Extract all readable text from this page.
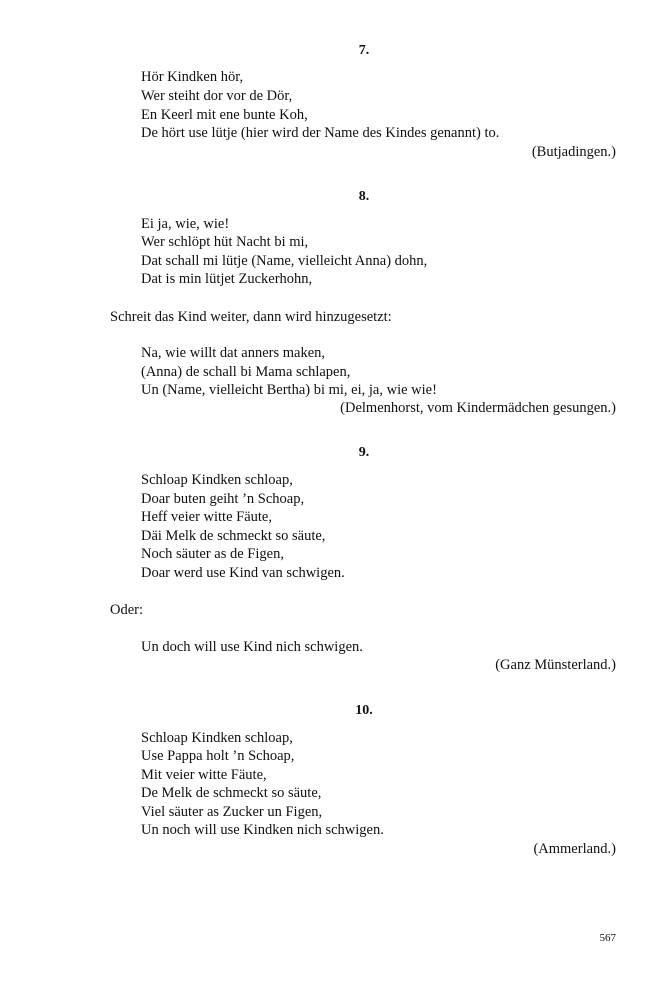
7.
Hör Kindken hör,
Wer steiht dor vor de Dör,
En Keerl mit ene bunte Koh,
De hört use lütje (hier wird der Name des Kindes genannt) to.
(Butjadingen.)
8.
Ei ja, wie, wie!
Wer schlöpt hüt Nacht bi mi,
Dat schall mi lütje (Name, vielleicht Anna) dohn,
Dat is min lütjet Zuckerhohn,
Schreit das Kind weiter, dann wird hinzugesetzt:
Na, wie willt dat anners maken,
(Anna) de schall bi Mama schlapen,
Un (Name, vielleicht Bertha) bi mi, ei, ja, wie wie!
(Delmenhorst, vom Kindermädchen gesungen.)
9.
Schloap Kindken schloap,
Doar buten geiht ’n Schoap,
Heff veier witte Fäute,
Däi Melk de schmeckt so säute,
Noch säuter as de Figen,
Doar werd use Kind van schwigen.
Oder:
Un doch will use Kind nich schwigen.
(Ganz Münsterland.)
10.
Schloap Kindken schloap,
Use Pappa holt ’n Schoap,
Mit veier witte Fäute,
De Melk de schmeckt so säute,
Viel säuter as Zucker un Figen,
Un noch will use Kindken nich schwigen.
(Ammerland.)
567
